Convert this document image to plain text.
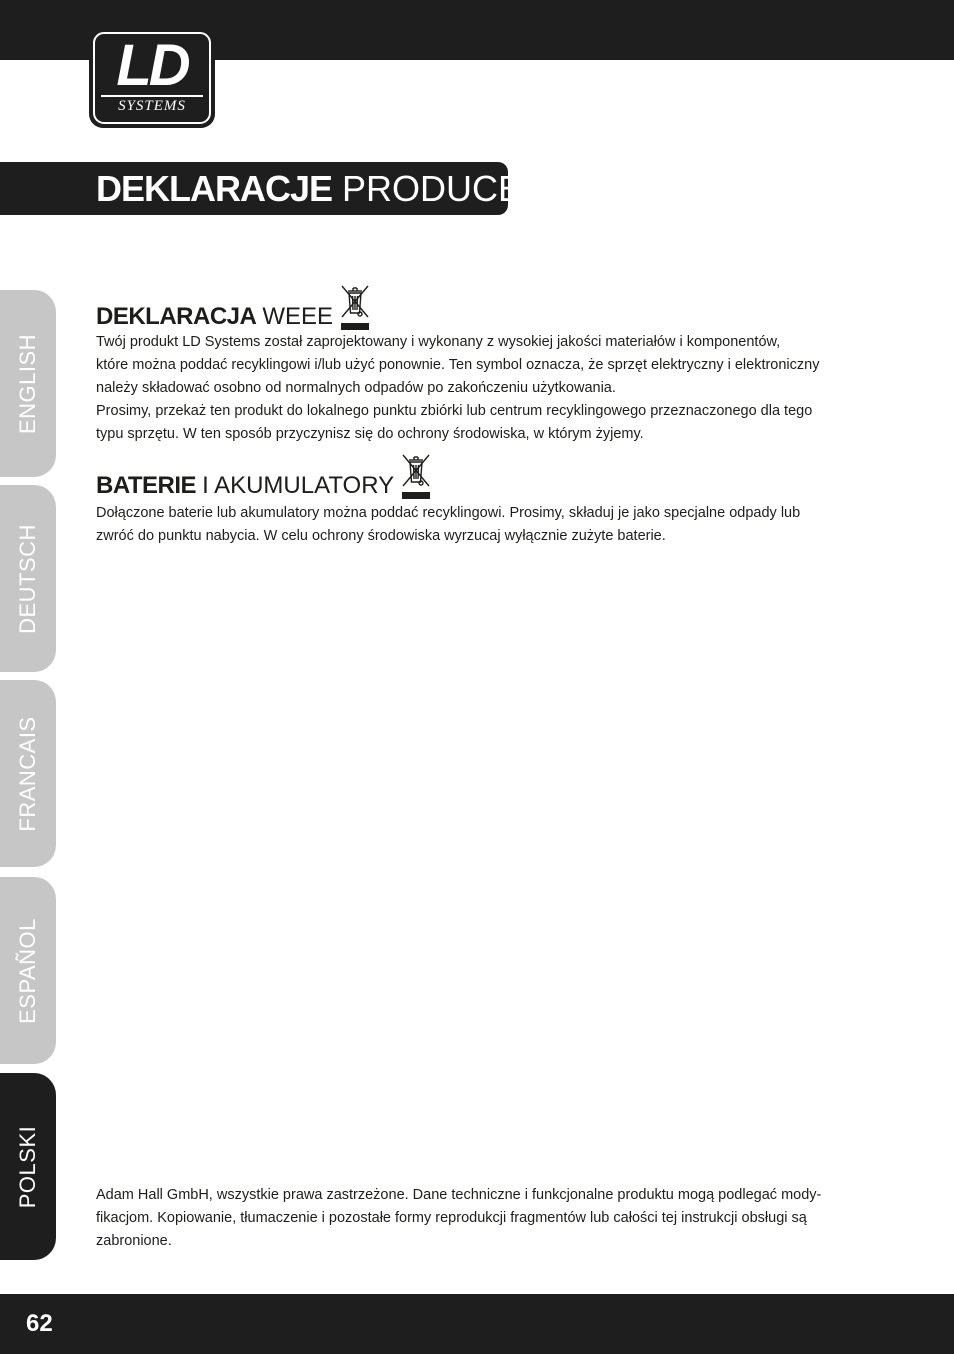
LD
SYSTEMS
DEKLARACJE PRODUCENTA:
ENGLISH
DEUTSCH
FRANCAIS
ESPAÑOL
POLSKI
DEKLARACJA WEEE

Twój produkt LD Systems został zaprojektowany i wykonany z wysokiej jakości materiałów i komponentów,
które można poddać recyklingowi i/lub użyć ponownie. Ten symbol oznacza, że sprzęt elektryczny i elektroniczny
należy składować osobno od normalnych odpadów po zakończeniu użytkowania.
Prosimy, przekaż ten produkt do lokalnego punktu zbiórki lub centrum recyklingowego przeznaczonego dla tego
typu sprzętu. W ten sposób przyczynisz się do ochrony środowiska, w którym żyjemy.

BATERIE I AKUMULATORY

Dołączone baterie lub akumulatory można poddać recyklingowi. Prosimy, składuj je jako specjalne odpady lub
zwróć do punktu nabycia. W celu ochrony środowiska wyrzucaj wyłącznie zużyte baterie.

Adam Hall GmbH, wszystkie prawa zastrzeżone. Dane techniczne i funkcjonalne produktu mogą podlegać mody-
fikacjom. Kopiowanie, tłumaczenie i pozostałe formy reprodukcji fragmentów lub całości tej instrukcji obsługi są
zabronione.

62
